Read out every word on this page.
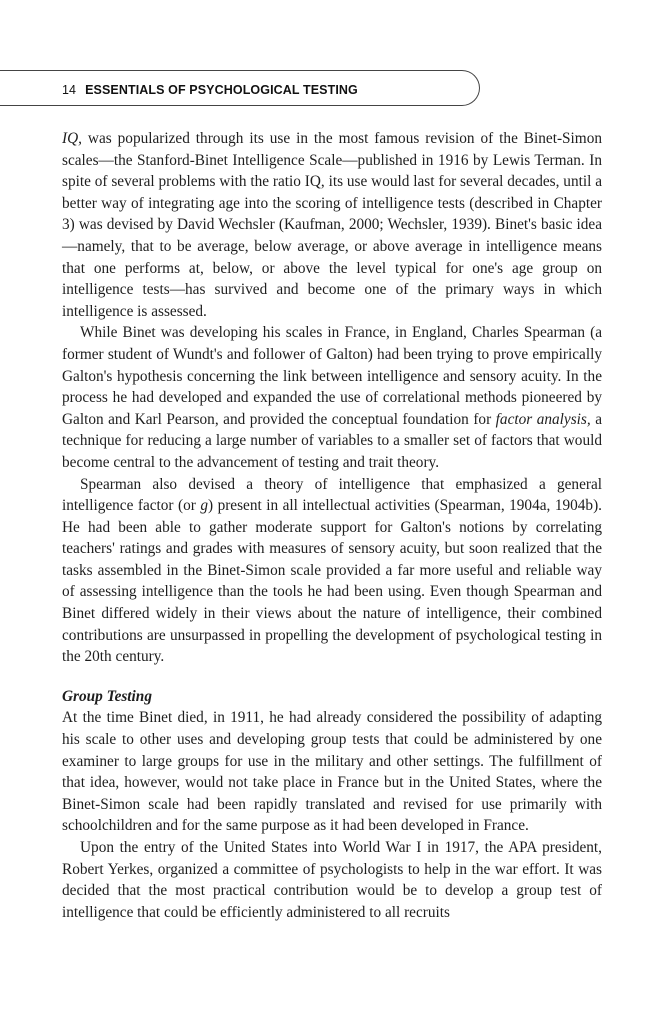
14 ESSENTIALS OF PSYCHOLOGICAL TESTING

IQ, was popularized through its use in the most famous revision of the Binet-Simon scales—the Stanford-Binet Intelligence Scale—published in 1916 by Lewis Terman. In spite of several problems with the ratio IQ, its use would last for several decades, until a better way of integrating age into the scoring of intelligence tests (described in Chapter 3) was devised by David Wechsler (Kaufman, 2000; Wechsler, 1939). Binet's basic idea—namely, that to be average, below average, or above average in intelligence means that one performs at, below, or above the level typical for one's age group on intelligence tests—has survived and become one of the primary ways in which intelligence is assessed.

While Binet was developing his scales in France, in England, Charles Spearman (a former student of Wundt's and follower of Galton) had been trying to prove empirically Galton's hypothesis concerning the link between intelligence and sensory acuity. In the process he had developed and expanded the use of correlational methods pioneered by Galton and Karl Pearson, and provided the conceptual foundation for factor analysis, a technique for reducing a large number of variables to a smaller set of factors that would become central to the advancement of testing and trait theory.

Spearman also devised a theory of intelligence that emphasized a general intelligence factor (or g) present in all intellectual activities (Spearman, 1904a, 1904b). He had been able to gather moderate support for Galton's notions by correlating teachers' ratings and grades with measures of sensory acuity, but soon realized that the tasks assembled in the Binet-Simon scale provided a far more useful and reliable way of assessing intelligence than the tools he had been using. Even though Spearman and Binet differed widely in their views about the nature of intelligence, their combined contributions are unsurpassed in propelling the development of psychological testing in the 20th century.

Group Testing

At the time Binet died, in 1911, he had already considered the possibility of adapting his scale to other uses and developing group tests that could be administered by one examiner to large groups for use in the military and other settings. The fulfillment of that idea, however, would not take place in France but in the United States, where the Binet-Simon scale had been rapidly translated and revised for use primarily with schoolchildren and for the same purpose as it had been developed in France.

Upon the entry of the United States into World War I in 1917, the APA president, Robert Yerkes, organized a committee of psychologists to help in the war effort. It was decided that the most practical contribution would be to develop a group test of intelligence that could be efficiently administered to all recruits
